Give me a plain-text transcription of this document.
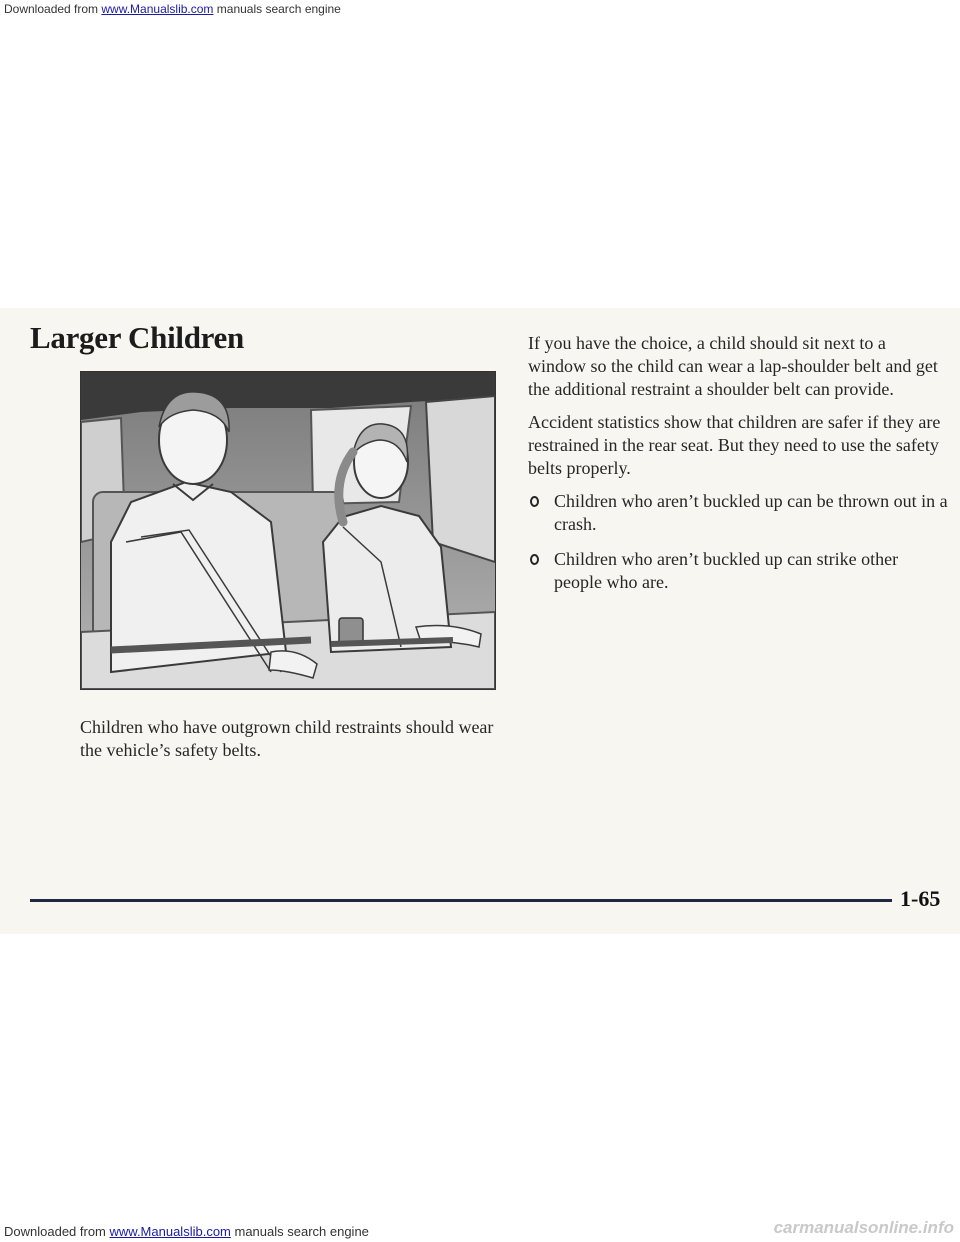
Downloaded from www.Manualslib.com manuals search engine

Larger Children

Children who have outgrown child restraints should wear the vehicle’s safety belts.

If you have the choice, a child should sit next to a window so the child can wear a lap-shoulder belt and get the additional restraint a shoulder belt can provide.

Accident statistics show that children are safer if they are restrained in the rear seat. But they need to use the safety belts properly.

Children who aren’t buckled up can be thrown out in a crash.
Children who aren’t buckled up can strike other people who are.
1-65

Downloaded from www.Manualslib.com manuals search engine	carmanualsonline.info
